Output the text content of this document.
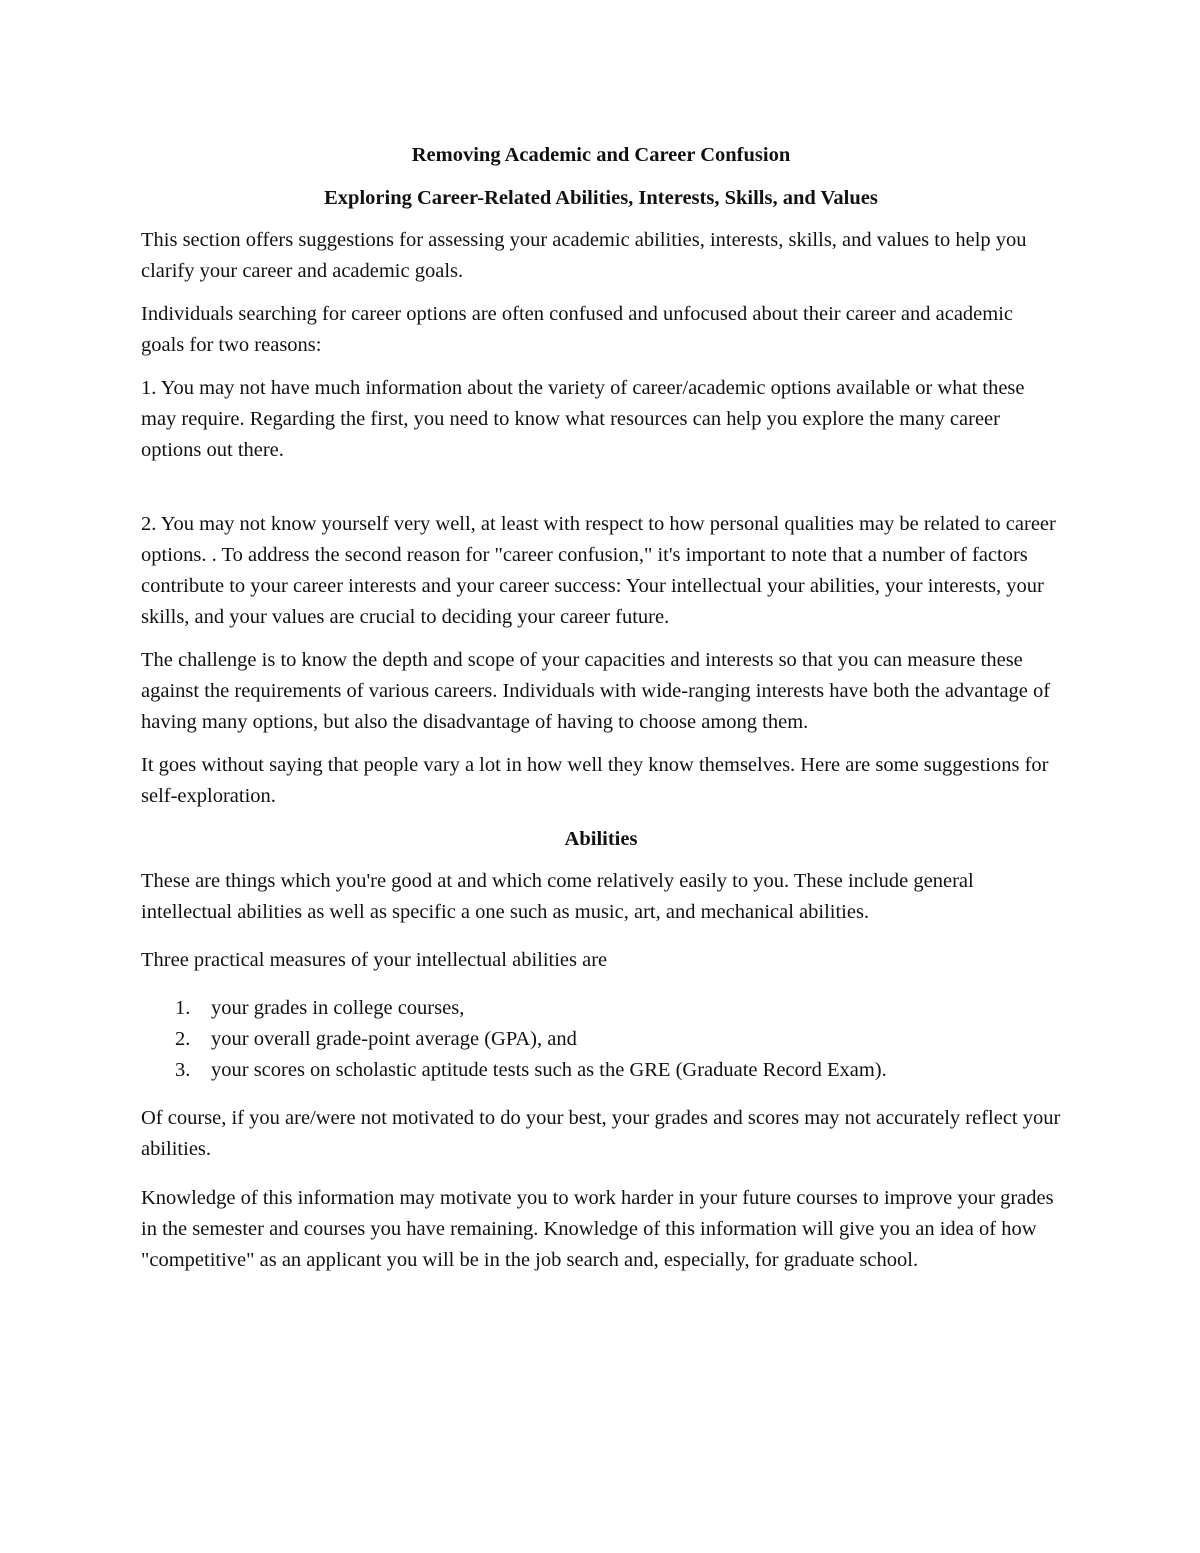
Removing Academic and Career Confusion
Exploring Career-Related Abilities, Interests, Skills, and Values

This section offers suggestions for assessing your academic abilities, interests, skills, and values to help you clarify your career and academic goals.

Individuals searching for career options are often confused and unfocused about their career and academic goals for two reasons:

1. You may not have much information about the variety of career/academic options available or what these may require. Regarding the first, you need to know what resources can help you explore the many career options out there.

2. You may not know yourself very well, at least with respect to how personal qualities may be related to career options. . To address the second reason for "career confusion," it's important to note that a number of factors contribute to your career interests and your career success: Your intellectual your abilities, your interests, your skills, and your values are crucial to deciding your career future.

The challenge is to know the depth and scope of your capacities and interests so that you can measure these against the requirements of various careers. Individuals with wide-ranging interests have both the advantage of having many options, but also the disadvantage of having to choose among them.

It goes without saying that people vary a lot in how well they know themselves. Here are some suggestions for self-exploration.

Abilities

These are things which you're good at and which come relatively easily to you. These include general intellectual abilities as well as specific a one such as music, art, and mechanical abilities.

Three practical measures of your intellectual abilities are

1. your grades in college courses,
2. your overall grade-point average (GPA), and
3. your scores on scholastic aptitude tests such as the GRE (Graduate Record Exam).

Of course, if you are/were not motivated to do your best, your grades and scores may not accurately reflect your abilities.

Knowledge of this information may motivate you to work harder in your future courses to improve your grades in the semester and courses you have remaining. Knowledge of this information will give you an idea of how "competitive" as an applicant you will be in the job search and, especially, for graduate school.
